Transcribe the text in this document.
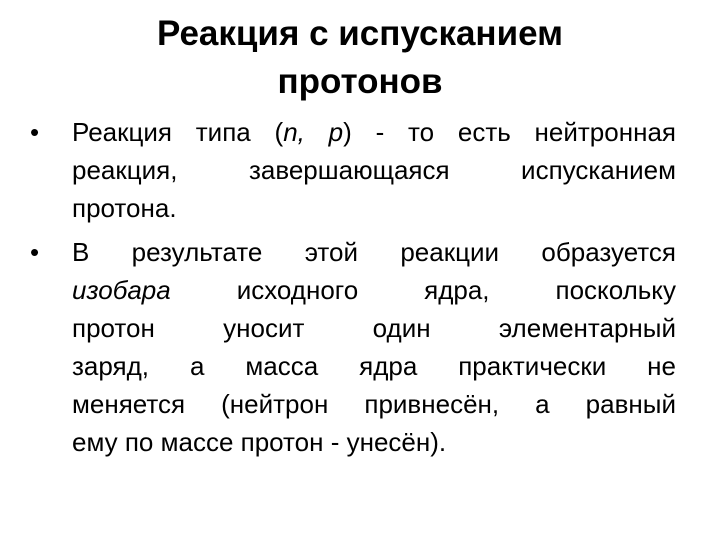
Реакция с испусканием
протонов
• Реакция типа (n, p) - то есть нейтронная
реакция, завершающаяся испусканием
протона.
• В результате этой реакции образуется
изобара	исходного ядра, поскольку
протон уносит один элементарный
заряд, а масса ядра практически не
меняется (нейтрон привнесён, а равный
ему по массе протон - унесён).
